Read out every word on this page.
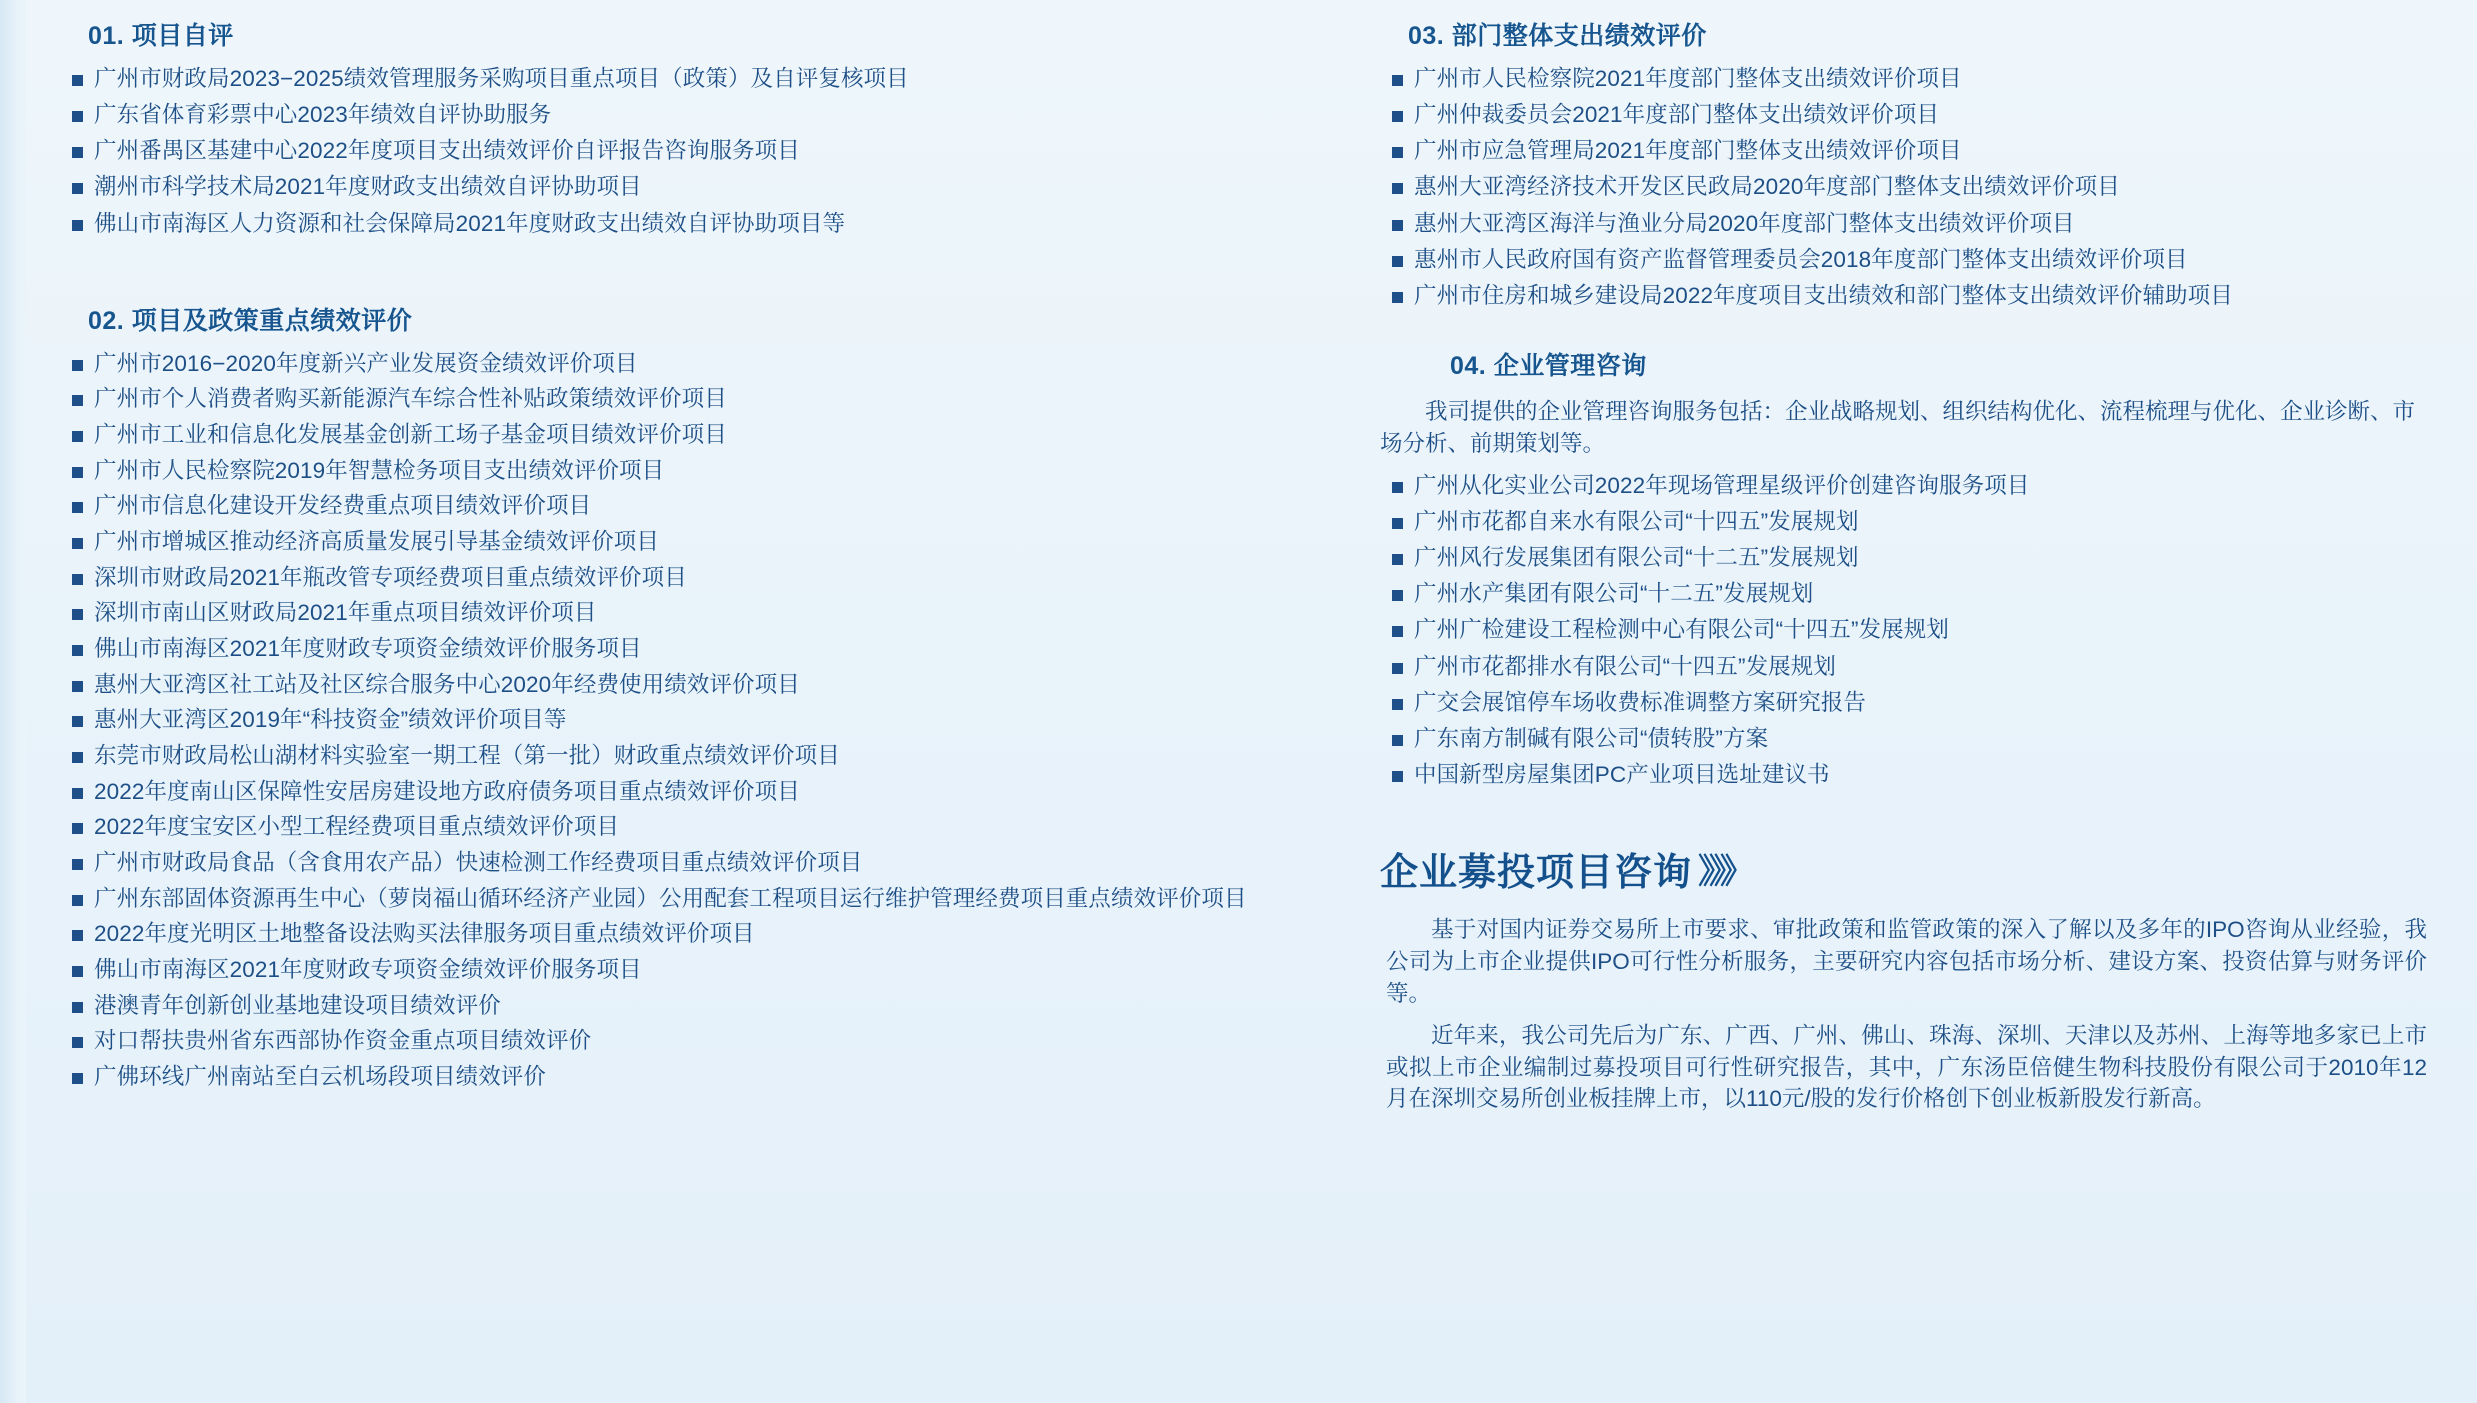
01. 项目自评
广州市财政局2023−2025绩效管理服务采购项目重点项目（政策）及自评复核项目
广东省体育彩票中心2023年绩效自评协助服务
广州番禺区基建中心2022年度项目支出绩效评价自评报告咨询服务项目
潮州市科学技术局2021年度财政支出绩效自评协助项目
佛山市南海区人力资源和社会保障局2021年度财政支出绩效自评协助项目等
02. 项目及政策重点绩效评价
广州市2016−2020年度新兴产业发展资金绩效评价项目
广州市个人消费者购买新能源汽车综合性补贴政策绩效评价项目
广州市工业和信息化发展基金创新工场子基金项目绩效评价项目
广州市人民检察院2019年智慧检务项目支出绩效评价项目
广州市信息化建设开发经费重点项目绩效评价项目
广州市增城区推动经济高质量发展引导基金绩效评价项目
深圳市财政局2021年瓶改管专项经费项目重点绩效评价项目
深圳市南山区财政局2021年重点项目绩效评价项目
佛山市南海区2021年度财政专项资金绩效评价服务项目
惠州大亚湾区社工站及社区综合服务中心2020年经费使用绩效评价项目
惠州大亚湾区2019年“科技资金”绩效评价项目等
东莞市财政局松山湖材料实验室一期工程（第一批）财政重点绩效评价项目
2022年度南山区保障性安居房建设地方政府债务项目重点绩效评价项目
2022年度宝安区小型工程经费项目重点绩效评价项目
广州市财政局食品（含食用农产品）快速检测工作经费项目重点绩效评价项目
广州东部固体资源再生中心（萝岗福山循环经济产业园）公用配套工程项目运行维护管理经费项目重点绩效评价项目
2022年度光明区土地整备设法购买法律服务项目重点绩效评价项目
佛山市南海区2021年度财政专项资金绩效评价服务项目
港澳青年创新创业基地建设项目绩效评价
对口帮扶贵州省东西部协作资金重点项目绩效评价
广佛环线广州南站至白云机场段项目绩效评价
03. 部门整体支出绩效评价
广州市人民检察院2021年度部门整体支出绩效评价项目
广州仲裁委员会2021年度部门整体支出绩效评价项目
广州市应急管理局2021年度部门整体支出绩效评价项目
惠州大亚湾经济技术开发区民政局2020年度部门整体支出绩效评价项目
惠州大亚湾区海洋与渔业分局2020年度部门整体支出绩效评价项目
惠州市人民政府国有资产监督管理委员会2018年度部门整体支出绩效评价项目
广州市住房和城乡建设局2022年度项目支出绩效和部门整体支出绩效评价辅助项目
04. 企业管理咨询
我司提供的企业管理咨询服务包括：企业战略规划、组织结构优化、流程梳理与优化、企业诊断、市场分析、前期策划等。
广州从化实业公司2022年现场管理星级评价创建咨询服务项目
广州市花都自来水有限公司“十四五”发展规划
广州风行发展集团有限公司“十二五”发展规划
广州水产集团有限公司“十二五”发展规划
广州广检建设工程检测中心有限公司“十四五”发展规划
广州市花都排水有限公司“十四五”发展规划
广交会展馆停车场收费标准调整方案研究报告
广东南方制碱有限公司“债转股”方案
中国新型房屋集团PC产业项目选址建议书
企业募投项目咨询 》》》

基于对国内证券交易所上市要求、审批政策和监管政策的深入了解以及多年的IPO咨询从业经验，我公司为上市企业提供IPO可行性分析服务，主要研究内容包括市场分析、建设方案、投资估算与财务评价等。

近年来，我公司先后为广东、广西、广州、佛山、珠海、深圳、天津以及苏州、上海等地多家已上市或拟上市企业编制过募投项目可行性研究报告，其中，广东汤臣倍健生物科技股份有限公司于2010年12月在深圳交易所创业板挂牌上市，以110元/股的发行价格创下创业板新股发行新高。
